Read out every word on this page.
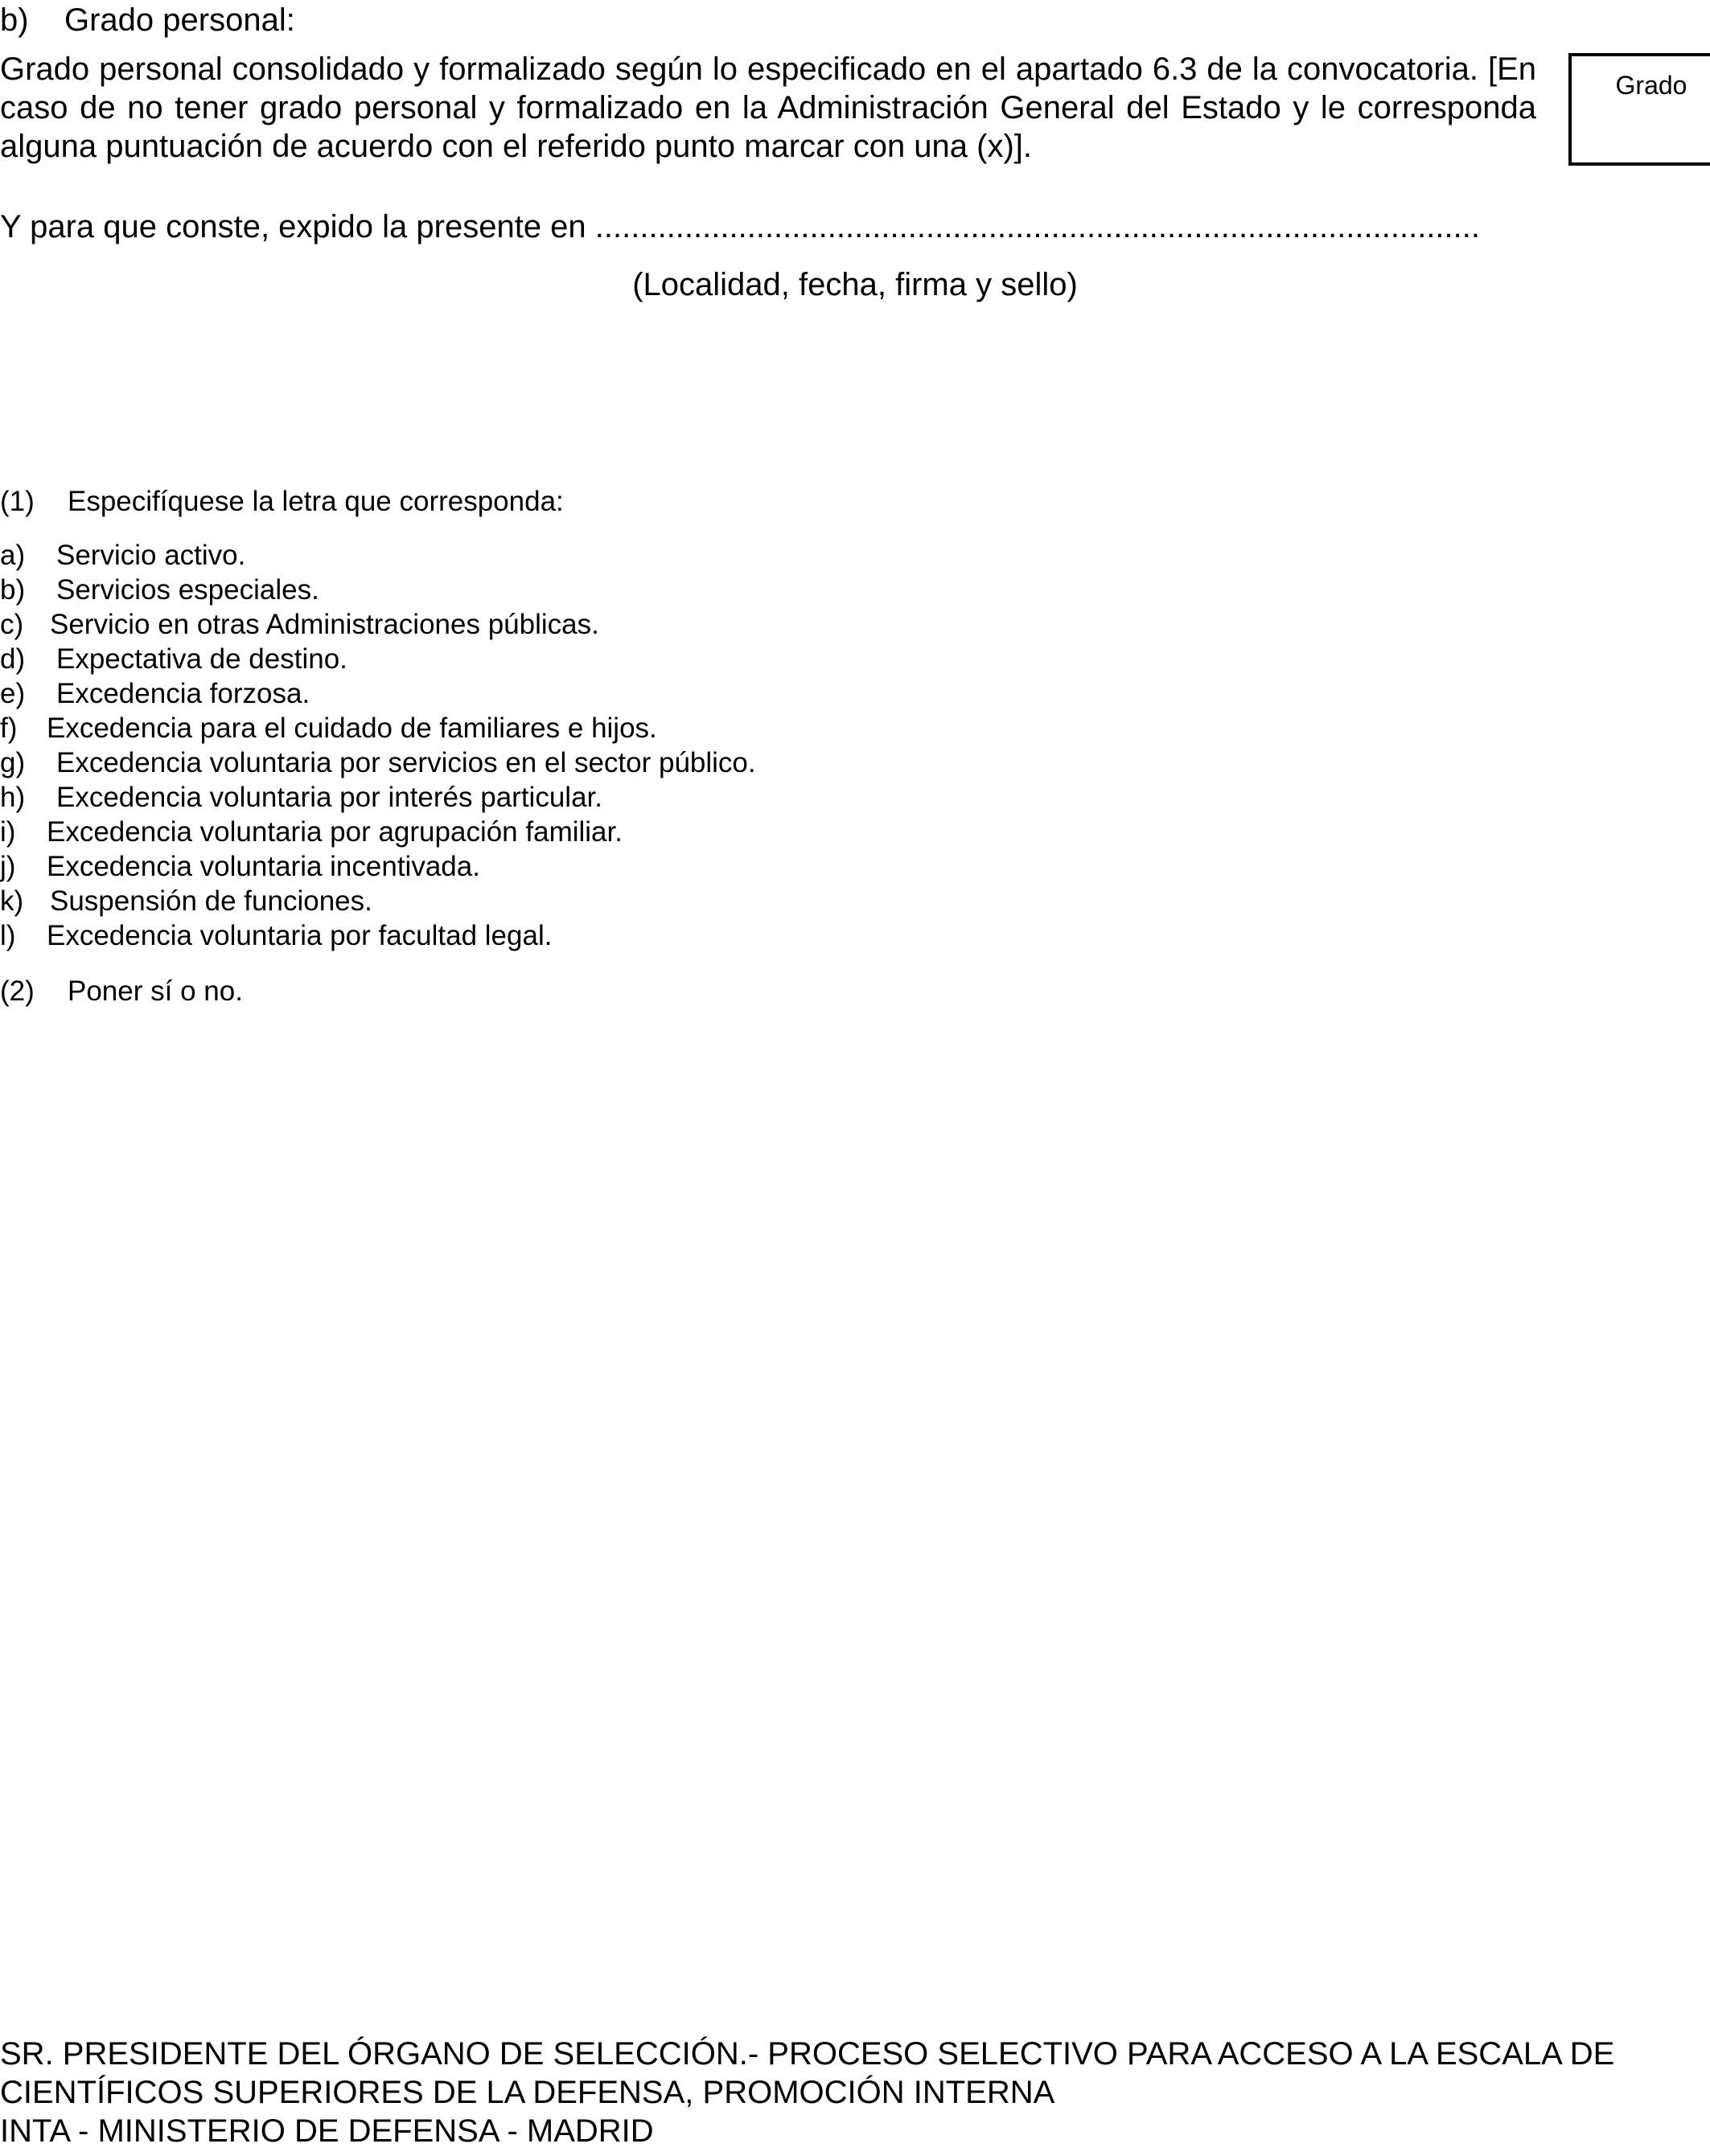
b) Grado personal:
Grado personal consolidado y formalizado según lo especificado en el apartado 6.3 de la convocatoria. [En caso de no tener grado personal y formalizado en la Administración General del Estado y le corresponda alguna puntuación de acuerdo con el referido punto marcar con una (x)].
Grado
Y para que conste, expido la presente en ...................................................................................................
(Localidad, fecha, firma y sello)
(1) Especifíquese la letra que corresponda:
a) Servicio activo.
b) Servicios especiales.
c) Servicio en otras Administraciones públicas.
d) Expectativa de destino.
e) Excedencia forzosa.
f) Excedencia para el cuidado de familiares e hijos.
g) Excedencia voluntaria por servicios en el sector público.
h) Excedencia voluntaria por interés particular.
i) Excedencia voluntaria por agrupación familiar.
j) Excedencia voluntaria incentivada.
k) Suspensión de funciones.
l) Excedencia voluntaria por facultad legal.
(2) Poner sí o no.
SR. PRESIDENTE DEL ÓRGANO DE SELECCIÓN.- PROCESO SELECTIVO PARA ACCESO A LA ESCALA DE
CIENTÍFICOS SUPERIORES DE LA DEFENSA, PROMOCIÓN INTERNA
INTA - MINISTERIO DE DEFENSA - MADRID
